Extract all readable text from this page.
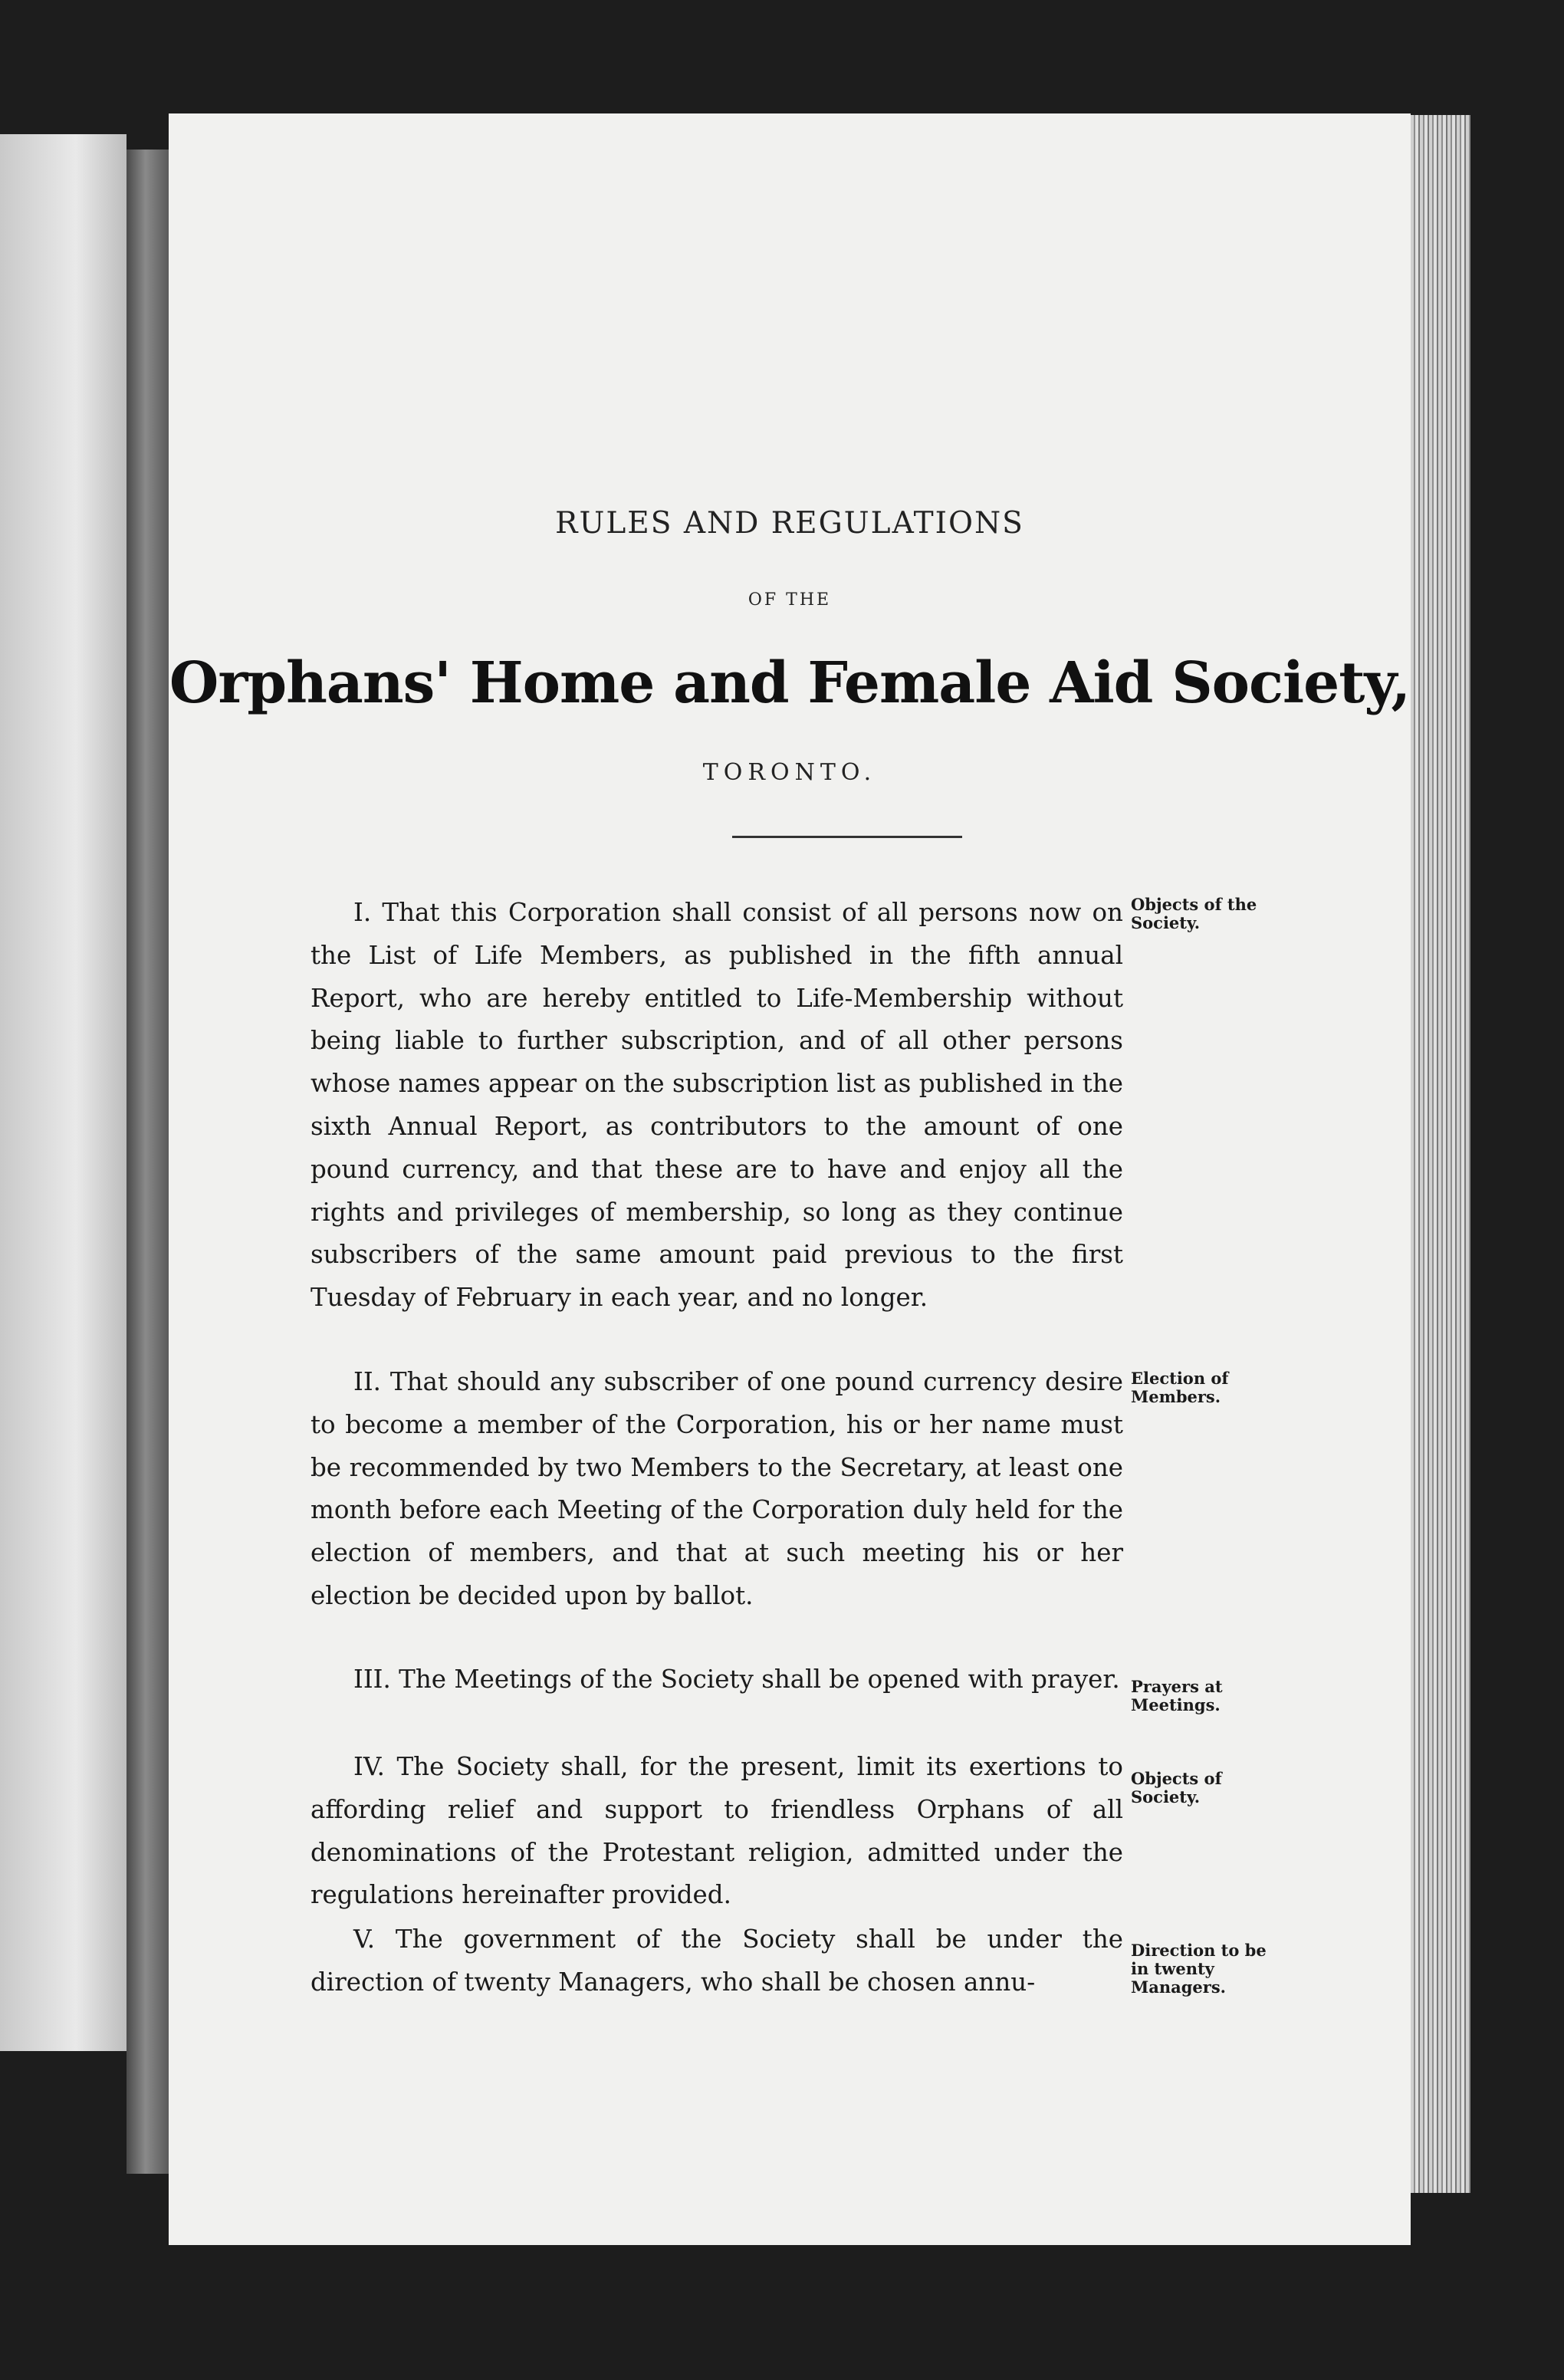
RULES AND REGULATIONS
OF THE
Orphans' Home and Female Aid Society,
TORONTO.
I. That this Corporation shall consist of all persons now on the List of Life Members, as published in the fifth annual Report, who are hereby entitled to Life-Membership without being liable to further subscription, and of all other persons whose names appear on the subscription list as published in the sixth Annual Report, as contributors to the amount of one pound currency, and that these are to have and enjoy all the rights and privileges of membership, so long as they continue subscribers of the same amount paid previous to the first Tuesday of February in each year, and no longer.
II. That should any subscriber of one pound currency desire to become a member of the Corporation, his or her name must be recommended by two Members to the Secretary, at least one month before each Meeting of the Corporation duly held for the election of members, and that at such meeting his or her election be decided upon by ballot.
III. The Meetings of the Society shall be opened with prayer.
IV. The Society shall, for the present, limit its exertions to affording relief and support to friendless Orphans of all denominations of the Protestant religion, admitted under the regulations hereinafter provided.
V. The government of the Society shall be under the direction of twenty Managers, who shall be chosen annu-
Objects of the Society.
Election of Members.
Prayers at Meetings.
Objects of Society.
Direction to be in twenty Managers.
